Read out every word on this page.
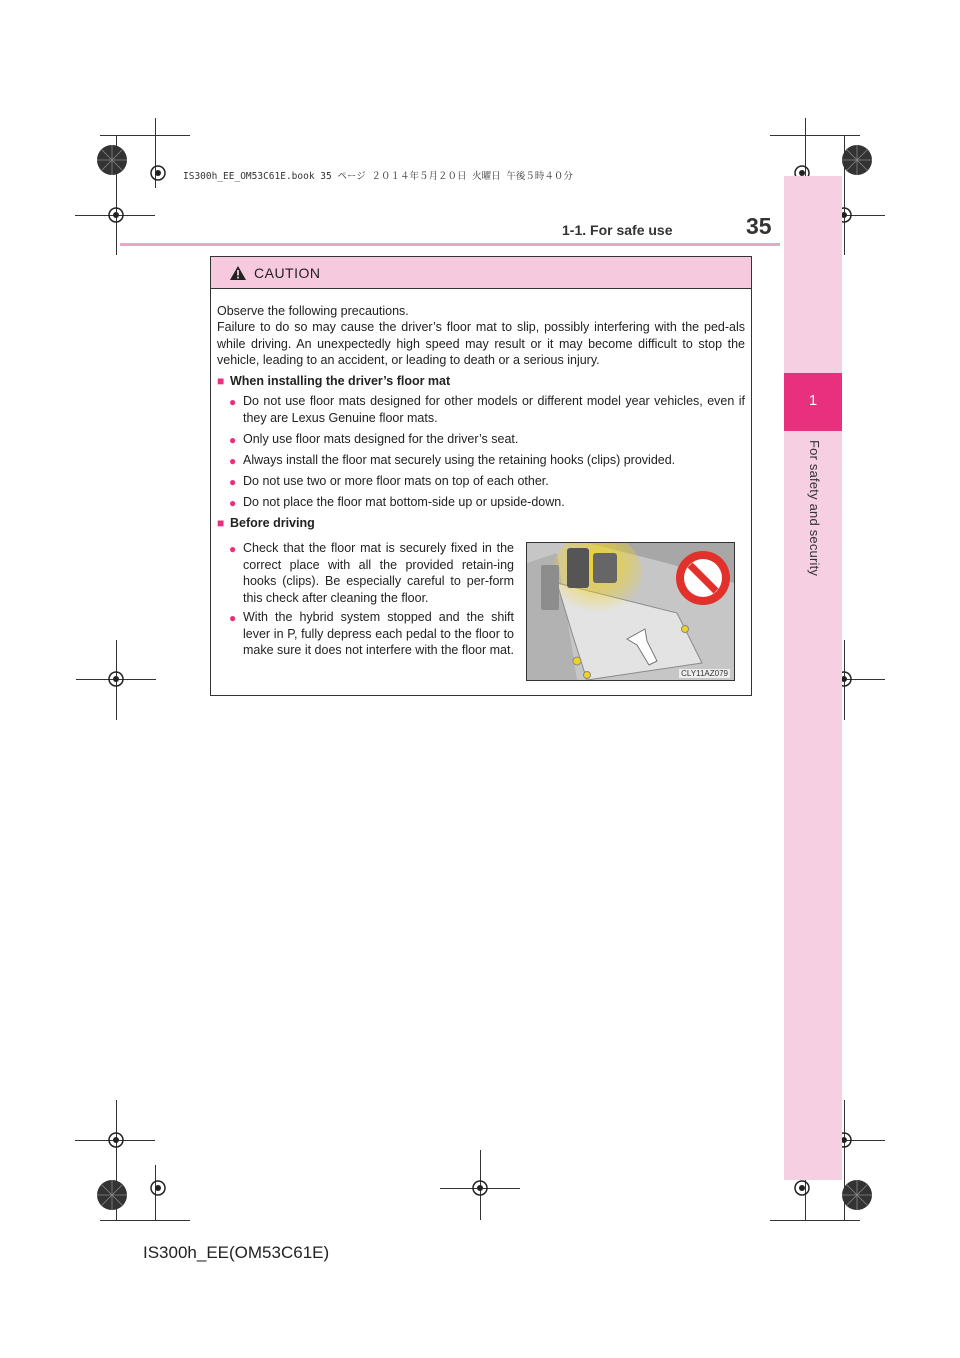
1
For safety and security
IS300h_EE_OM53C61E.book 35 ページ ２０１４年５月２０日 火曜日 午後５時４０分
1-1. For safe use	35
CAUTION
Observe the following precautions.
Failure to do so may cause the driver’s floor mat to slip, possibly interfering with the ped-als while driving. An unexpectedly high speed may result or it may become difficult to stop the vehicle, leading to an accident, or leading to death or a serious injury.
■ When installing the driver’s floor mat
● Do not use floor mats designed for other models or different model year vehicles, even if they are Lexus Genuine floor mats.
● Only use floor mats designed for the driver’s seat.
● Always install the floor mat securely using the retaining hooks (clips) provided.
● Do not use two or more floor mats on top of each other.
● Do not place the floor mat bottom-side up or upside-down.
■ Before driving
● Check that the floor mat is securely fixed in the correct place with all the provided retain-ing hooks (clips). Be especially careful to per-form this check after cleaning the floor.
● With the hybrid system stopped and the shift lever in P, fully depress each pedal to the floor to make sure it does not interfere with the floor mat.
CLY11AZ079
IS300h_EE(OM53C61E)
